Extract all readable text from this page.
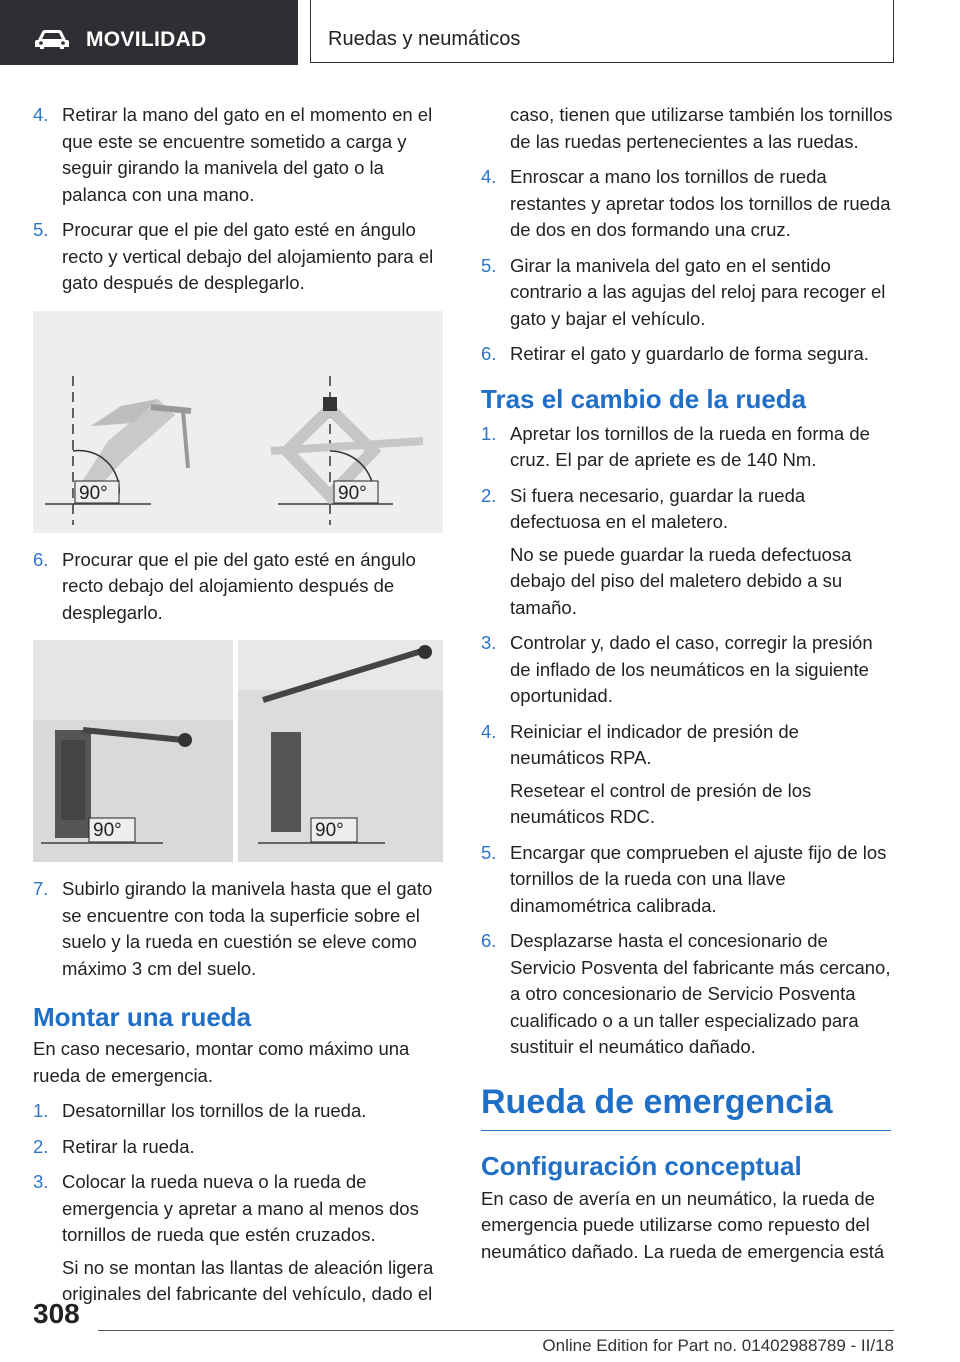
MOVILIDAD	Ruedas y neumáticos
4. Retirar la mano del gato en el momento en el que este se encuentre sometido a carga y seguir girando la manivela del gato o la palanca con una mano.

5. Procurar que el pie del gato esté en ángulo recto y vertical debajo del alojamiento para el gato después de desplegarlo.

90°	90°
6. Procurar que el pie del gato esté en ángulo recto debajo del alojamiento después de desplegarlo.

90°	90°
7. Subirlo girando la manivela hasta que el gato se encuentre con toda la superficie sobre el suelo y la rueda en cuestión se eleve como máximo 3 cm del suelo.

Montar una rueda

En caso necesario, montar como máximo una rueda de emergencia.

1. Desatornillar los tornillos de la rueda.

2. Retirar la rueda.

3. Colocar la rueda nueva o la rueda de emergencia y apretar a mano al menos dos tornillos de rueda que estén cruzados.

Si no se montan las llantas de aleación ligera originales del fabricante del vehículo, dado el

caso, tienen que utilizarse también los tornillos de las ruedas pertenecientes a las ruedas.

4. Enroscar a mano los tornillos de rueda restantes y apretar todos los tornillos de rueda de dos en dos formando una cruz.

5. Girar la manivela del gato en el sentido contrario a las agujas del reloj para recoger el gato y bajar el vehículo.

6. Retirar el gato y guardarlo de forma segura.

Tras el cambio de la rueda
1. Apretar los tornillos de la rueda en forma de cruz. El par de apriete es de 140 Nm.

2. Si fuera necesario, guardar la rueda defectuosa en el maletero.

No se puede guardar la rueda defectuosa debajo del piso del maletero debido a su tamaño.

3. Controlar y, dado el caso, corregir la presión de inflado de los neumáticos en la siguiente oportunidad.

4. Reiniciar el indicador de presión de neumáticos RPA.

Resetear el control de presión de los neumáticos RDC.

5. Encargar que comprueben el ajuste fijo de los tornillos de la rueda con una llave dinamométrica calibrada.

6. Desplazarse hasta el concesionario de Servicio Posventa del fabricante más cercano, a otro concesionario de Servicio Posventa cualificado o a un taller especializado para sustituir el neumático dañado.

Rueda de emergencia
Configuración conceptual

En caso de avería en un neumático, la rueda de emergencia puede utilizarse como repuesto del neumático dañado. La rueda de emergencia está

308
Online Edition for Part no. 01402988789 - II/18
